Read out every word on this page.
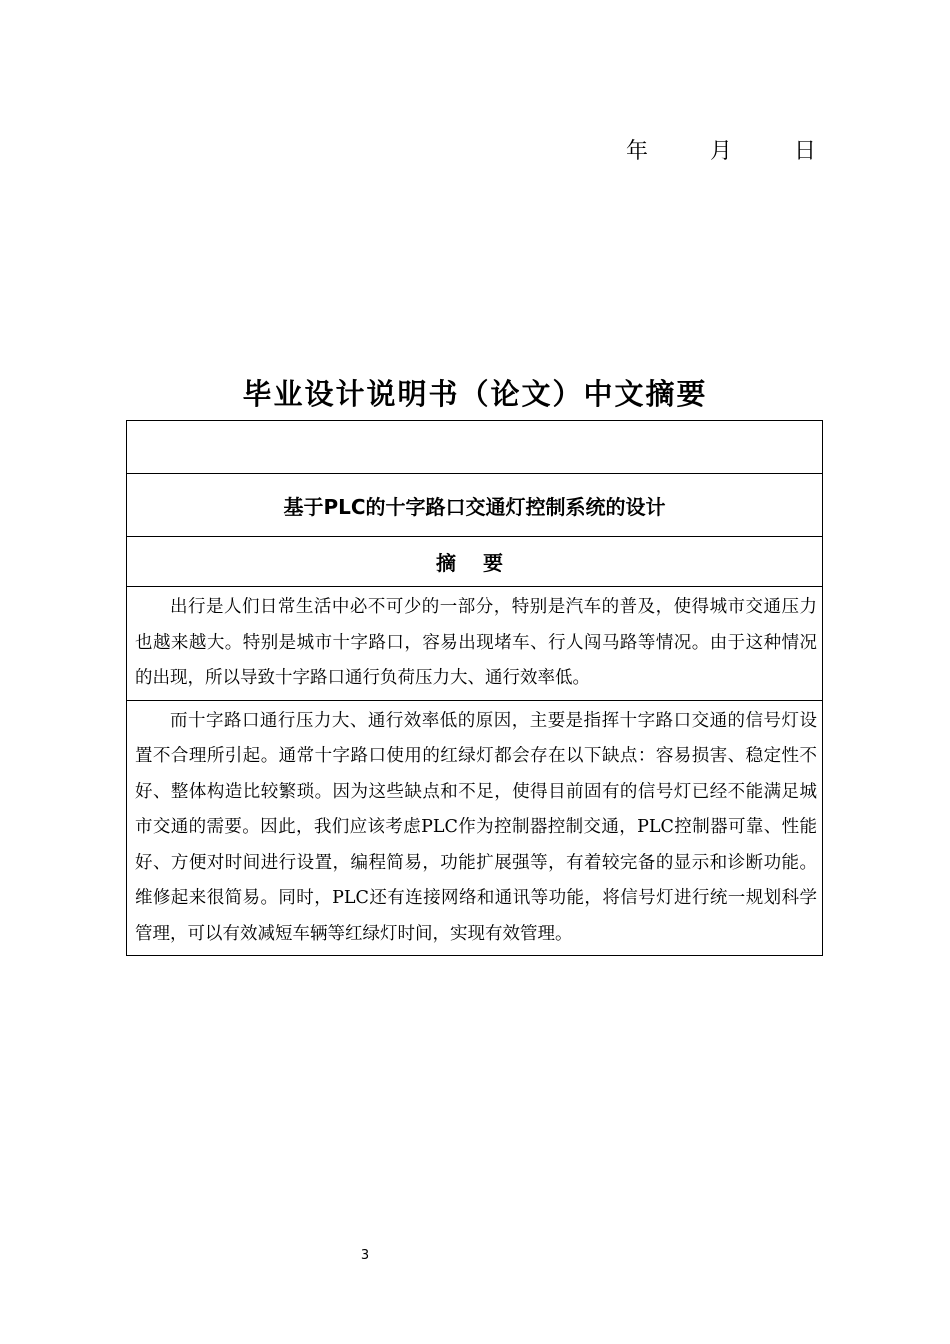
年	月	日
毕业设计说明书（论文）中文摘要
基于PLC的十字路口交通灯控制系统的设计
摘 要
出行是人们日常生活中必不可少的一部分，特别是汽车的普及，使得城市交通压力也越来越大。特别是城市十字路口，容易出现堵车、行人闯马路等情况。由于这种情况的出现，所以导致十字路口通行负荷压力大、通行效率低。
而十字路口通行压力大、通行效率低的原因，主要是指挥十字路口交通的信号灯设置不合理所引起。通常十字路口使用的红绿灯都会存在以下缺点：容易损害、稳定性不好、整体构造比较繁琐。因为这些缺点和不足，使得目前固有的信号灯已经不能满足城市交通的需要。因此，我们应该考虑PLC作为控制器控制交通，PLC控制器可靠、性能好、方便对时间进行设置，编程简易，功能扩展强等，有着较完备的显示和诊断功能。维修起来很简易。同时，PLC还有连接网络和通讯等功能，将信号灯进行统一规划科学管理，可以有效减短车辆等红绿灯时间，实现有效管理。
3
